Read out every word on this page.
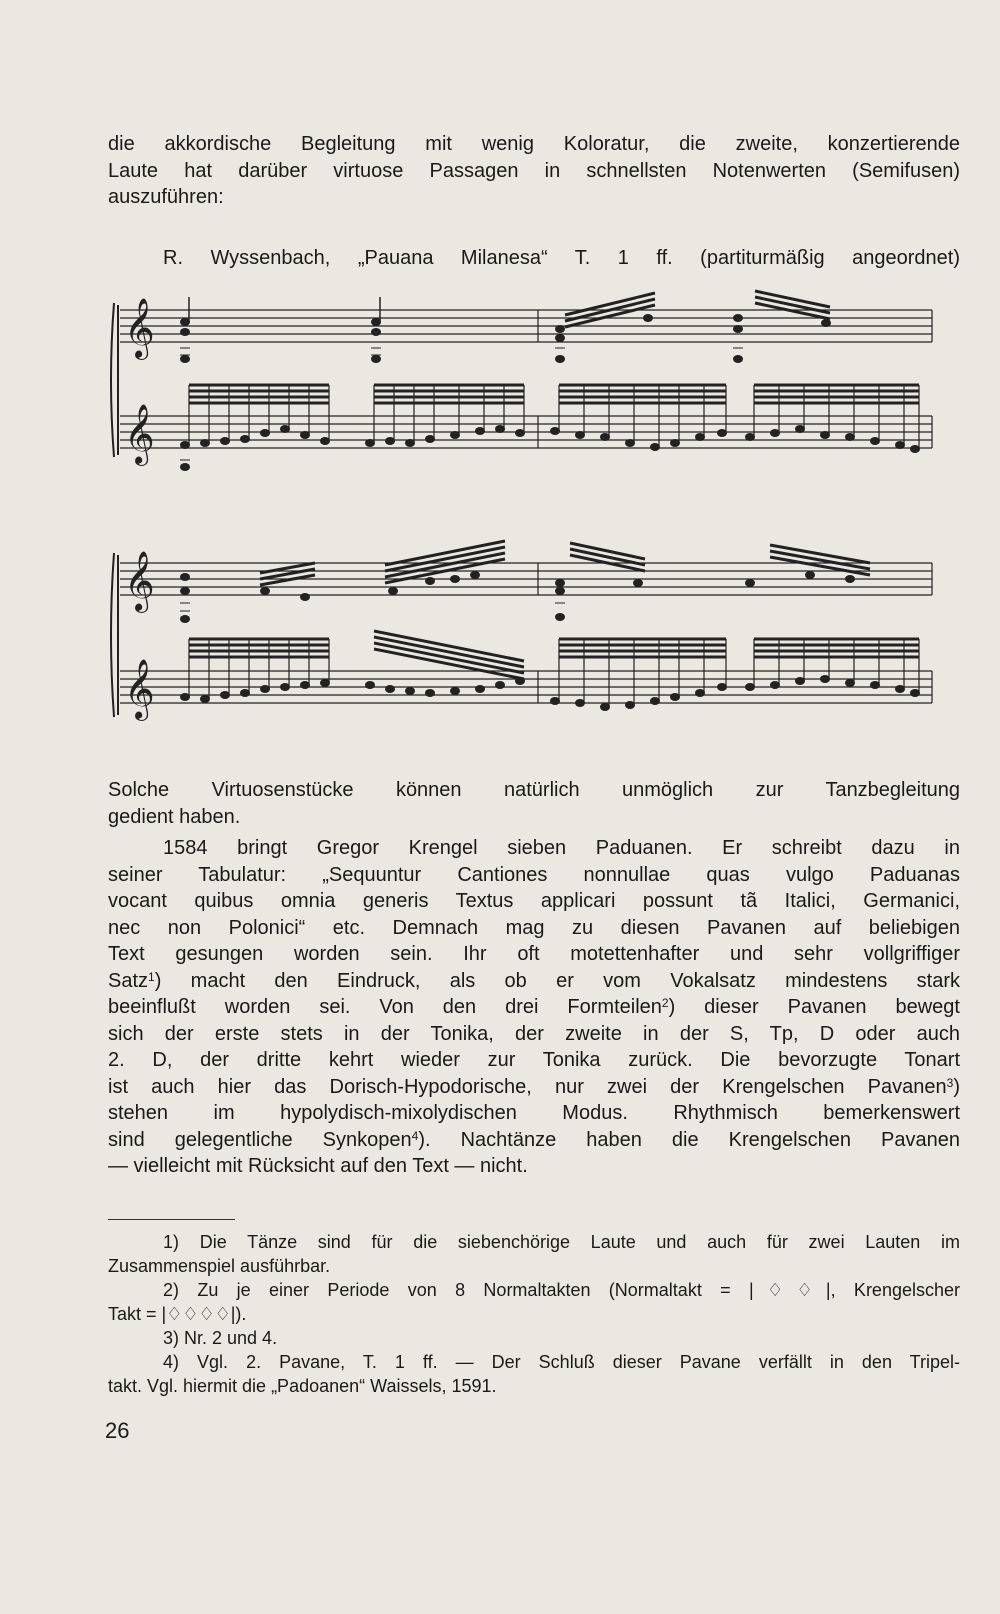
die akkordische Begleitung mit wenig Koloratur, die zweite, konzertierende
Laute hat darüber virtuose Passagen in schnellsten Notenwerten (Semifusen)
auszuführen:

R. Wyssenbach, „Pauana Milanesa“ T. 1 ff. (partiturmäßig angeordnet)

𝄞
𝄞
𝄞
𝄞

Solche Virtuosenstücke können natürlich unmöglich zur Tanzbegleitung
gedient haben.

1584 bringt Gregor Krengel sieben Paduanen. Er schreibt dazu in
seiner Tabulatur: „Sequuntur Cantiones nonnullae quas vulgo Paduanas
vocant quibus omnia generis Textus applicari possunt tã Italici, Germanici,
nec non Polonici“ etc. Demnach mag zu diesen Pavanen auf beliebigen
Text gesungen worden sein. Ihr oft motettenhafter und sehr vollgriffiger
Satz$^1$) macht den Eindruck, als ob er vom Vokalsatz mindestens stark
beeinflußt worden sei. Von den drei Formteilen$^2$) dieser Pavanen bewegt
sich der erste stets in der Tonika, der zweite in der S, Tp, D oder auch
2. D, der dritte kehrt wieder zur Tonika zurück. Die bevorzugte Tonart
ist auch hier das Dorisch-Hypodorische, nur zwei der Krengelschen Pavanen$^3$)
stehen im hypolydisch-mixolydischen Modus. Rhythmisch bemerkenswert
sind gelegentliche Synkopen$^4$). Nachtänze haben die Krengelschen Pavanen
— vielleicht mit Rücksicht auf den Text — nicht.

1) Die Tänze sind für die siebenchörige Laute und auch für zwei Lauten im
Zusammenspiel ausführbar.
2) Zu je einer Periode von 8 Normaltakten (Normaltakt = |♢♢|, Krengelscher
Takt = |♢♢♢♢|).
3) Nr. 2 und 4.
4) Vgl. 2. Pavane, T. 1 ff. — Der Schluß dieser Pavane verfällt in den Tripel-
takt. Vgl. hiermit die „Padoanen“ Waissels, 1591.

26
